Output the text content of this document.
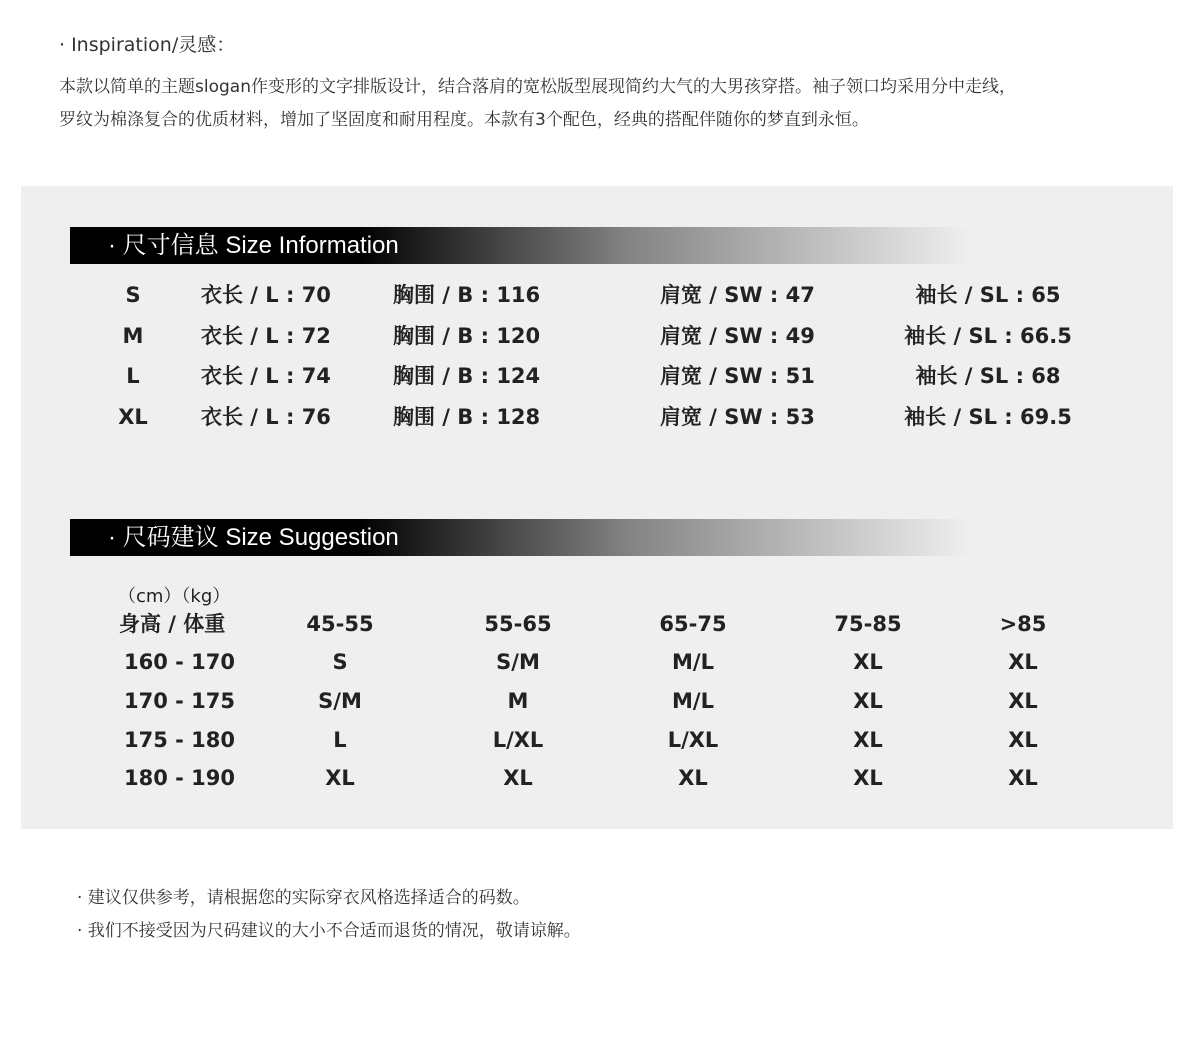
· Inspiration/灵感：

本款以简单的主题slogan作变形的文字排版设计，结合落肩的宽松版型展现简约大气的大男孩穿搭。袖子领口均采用分中走线，
罗纹为棉涤复合的优质材料，增加了坚固度和耐用程度。本款有3个配色，经典的搭配伴随你的梦直到永恒。

· 尺寸信息 Size Information
S	衣长 / L : 70	胸围 / B : 116	肩宽 / SW : 47	袖长 / SL : 65
M	衣长 / L : 72	胸围 / B : 120	肩宽 / SW : 49	袖长 / SL : 66.5
L	衣长 / L : 74	胸围 / B : 124	肩宽 / SW : 51	袖长 / SL : 68
XL	衣长 / L : 76	胸围 / B : 128	肩宽 / SW : 53	袖长 / SL : 69.5
· 尺码建议 Size Suggestion
（cm）（kg）
身高 / 体重	45-55	55-65	65-75	75-85	>85
160 - 170	S	S/M	M/L	XL	XL
170 - 175	S/M	M	M/L	XL	XL
175 - 180	L	L/XL	L/XL	XL	XL
180 - 190	XL	XL	XL	XL	XL

· 建议仅供参考，请根据您的实际穿衣风格选择适合的码数。

· 我们不接受因为尺码建议的大小不合适而退货的情况，敬请谅解。
